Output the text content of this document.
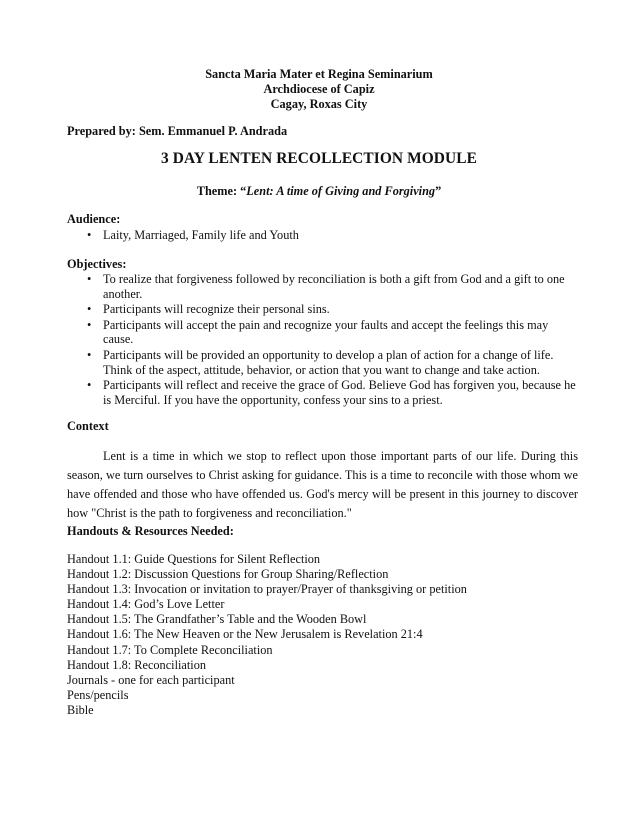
Sancta Maria Mater et Regina Seminarium
Archdiocese of Capiz
Cagay, Roxas City
Prepared by: Sem. Emmanuel P. Andrada
3 DAY LENTEN RECOLLECTION MODULE
Theme: “Lent: A time of Giving and Forgiving”
Audience:
• Laity, Marriaged, Family life and Youth
Objectives:
• To realize that forgiveness followed by reconciliation is both a gift from God and a gift to one another.
• Participants will recognize their personal sins.
• Participants will accept the pain and recognize your faults and accept the feelings this may cause.
• Participants will be provided an opportunity to develop a plan of action for a change of life. Think of the aspect, attitude, behavior, or action that you want to change and take action.
• Participants will reflect and receive the grace of God. Believe God has forgiven you, because he is Merciful. If you have the opportunity, confess your sins to a priest.
Context
Lent is a time in which we stop to reflect upon those important parts of our life. During this season, we turn ourselves to Christ asking for guidance. This is a time to reconcile with those whom we have offended and those who have offended us. God's mercy will be present in this journey to discover how "Christ is the path to forgiveness and reconciliation."
Handouts & Resources Needed:
Handout 1.1: Guide Questions for Silent Reflection
Handout 1.2: Discussion Questions for Group Sharing/Reflection
Handout 1.3: Invocation or invitation to prayer/Prayer of thanksgiving or petition
Handout 1.4: God’s Love Letter
Handout 1.5: The Grandfather’s Table and the Wooden Bowl
Handout 1.6: The New Heaven or the New Jerusalem is Revelation 21:4
Handout 1.7: To Complete Reconciliation
Handout 1.8: Reconciliation
Journals - one for each participant
Pens/pencils
Bible
